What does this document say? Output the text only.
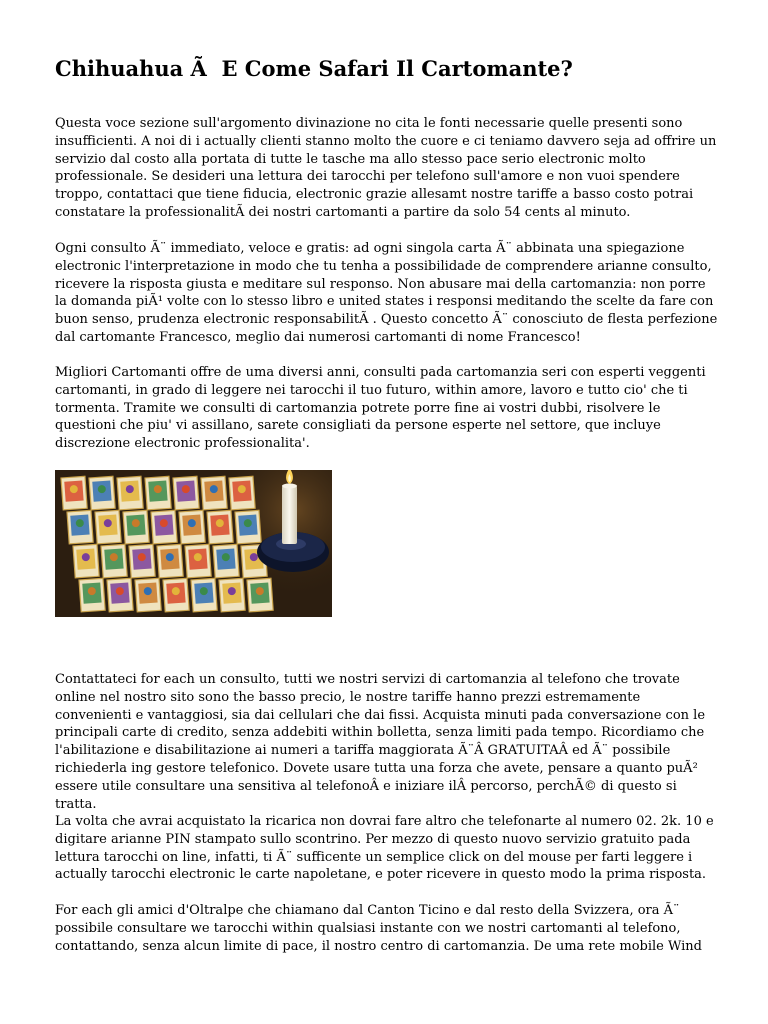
Chihuahua Ã  E Come Safari Il Cartomante?

Questa voce sezione sull'argomento divinazione no cita le fonti necessarie quelle presenti sono insufficienti. A noi di i actually clienti stanno molto the cuore e ci teniamo davvero seja ad offrire un servizio dal costo alla portata di tutte le tasche ma allo stesso pace serio electronic molto professionale. Se desideri una lettura dei tarocchi per telefono sull'amore e non vuoi spendere troppo, contattaci que tiene fiducia, electronic grazie allesamt nostre tariffe a basso costo potrai constatare la professionalitÃ dei nostri cartomanti a partire da solo 54 cents al minuto.

Ogni consulto Ã¨ immediato, veloce e gratis: ad ogni singola carta Ã¨ abbinata una spiegazione electronic l'interpretazione in modo che tu tenha a possibilidade de comprendere arianne consulto, ricevere la risposta giusta e meditare sul responso. Non abusare mai della cartomanzia: non porre la domanda piÃ¹ volte con lo stesso libro e united states i responsi meditando the scelte da fare con buon senso, prudenza electronic responsabilitÃ . Questo concetto Ã¨ conosciuto de flesta perfezione dal cartomante Francesco, meglio dai numerosi cartomanti di nome Francesco!

Migliori Cartomanti offre de uma diversi anni, consulti pada cartomanzia seri con esperti veggenti cartomanti, in grado di leggere nei tarocchi il tuo futuro, within amore, lavoro e tutto cio' che ti tormenta. Tramite we consulti di cartomanzia potrete porre fine ai vostri dubbi, risolvere le questioni che piu' vi assillano, sarete consigliati da persone esperte nel settore, que incluye discrezione electronic professionalita'.

Contattateci for each un consulto, tutti we nostri servizi di cartomanzia al telefono che trovate online nel nostro sito sono the basso precio, le nostre tariffe hanno prezzi estremamente convenienti e vantaggiosi, sia dai cellulari che dai fissi. Acquista minuti pada conversazione con le principali carte di credito, senza addebiti within bolletta, senza limiti pada tempo. Ricordiamo che l'abilitazione e disabilitazione ai numeri a tariffa maggiorata Ã¨Â GRATUITAÂ ed Ã¨ possibile richiederla ing gestore telefonico. Dovete usare tutta una forza che avete, pensare a quanto puÃ² essere utile consultare una sensitiva al telefonoÂ e iniziare ilÂ percorso, perchÃ© di questo si tratta.

La volta che avrai acquistato la ricarica non dovrai fare altro che telefonarte al numero 02. 2k. 10 e digitare arianne PIN stampato sullo scontrino. Per mezzo di questo nuovo servizio gratuito pada lettura tarocchi on line, infatti, ti Ã¨ sufficente un semplice click on del mouse per farti leggere i actually tarocchi electronic le carte napoletane, e poter ricevere in questo modo la prima risposta.

For each gli amici d'Oltralpe che chiamano dal Canton Ticino e dal resto della Svizzera, ora Ã¨ possibile consultare we tarocchi within qualsiasi instante con we nostri cartomanti al telefono, contattando, senza alcun limite di pace, il nostro centro di cartomanzia. De uma rete mobile Wind
